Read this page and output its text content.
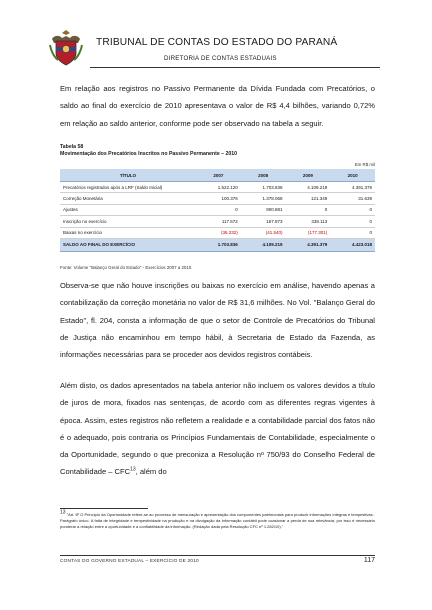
TRIBUNAL DE CONTAS DO ESTADO DO PARANÁ
DIRETORIA DE CONTAS ESTADUAIS
Em relação aos registros no Passivo Permanente da Dívida Fundada com Precatórios, o saldo ao final do exercício de 2010 apresentava o valor de R$ 4,4 bilhões, variando 0,72% em relação ao saldo anterior, conforme pode ser observado na tabela a seguir.
Tabela 58
Movimentação dos Precatórios Inscritos no Passivo Permanente – 2010
Em R$ mil
TÍTULO	2007	2008	2009	2010
Precatórios registrados após a LRF (Saldo Inicial)	1.522.120	1.703.838	4.109.219	4.391.379
Correção Monetária	100.376	1.378.068	121.349	31.639
Ajustes	0	900.881	0	0
Inscrição no exercício	117.572	167.973	338.113	0
Baixas no exercício	(36.232)	(41.540)	(177.301)	0
SALDO AO FINAL DO EXERCÍCIO	1.703.836	4.109.219	4.391.379	4.423.018
Fonte: Volume "Balanço Geral do Estado" - Exercícios 2007 a 2010.
Observa-se que não houve inscrições ou baixas no exercício em análise, havendo apenas a contabilização da correção monetária no valor de R$ 31,6 milhões. No Vol. "Balanço Geral do Estado", fl. 204, consta a informação de que o setor de Controle de Precatórios do Tribunal de Justiça não encaminhou em tempo hábil, à Secretaria de Estado da Fazenda, as informações necessárias para se proceder aos devidos registros contábeis.
Além disto, os dados apresentados na tabela anterior não incluem os valores devidos a título de juros de mora, fixados nas sentenças, de acordo com as diferentes regras vigentes à época. Assim, estes registros não refletem a realidade e a contabilidade parcial dos fatos não é o adequado, pois contraria os Princípios Fundamentais de Contabilidade, especialmente o da Oportunidade, segundo o que preconiza a Resolução nº 750/93 do Conselho Federal de Contabilidade – CFC$^{13}$, além do

$^{13}$ "Art. 6º O Princípio da Oportunidade refere-se ao processo de mensuração e apresentação dos componentes patrimoniais para produzir informações íntegras e tempestivas.

Parágrafo único. A falta de integridade e tempestividade na produção e na divulgação da informação contábil pode ocasionar a perda de sua relevância, por isso é necessário ponderar a relação entre a oportunidade e a confiabilidade da informação. (Redação dada pela Resolução CFC nº 1.282/10)."

CONTAS DO GOVERNO ESTADUAL – EXERCÍCIO DE 2010	117
